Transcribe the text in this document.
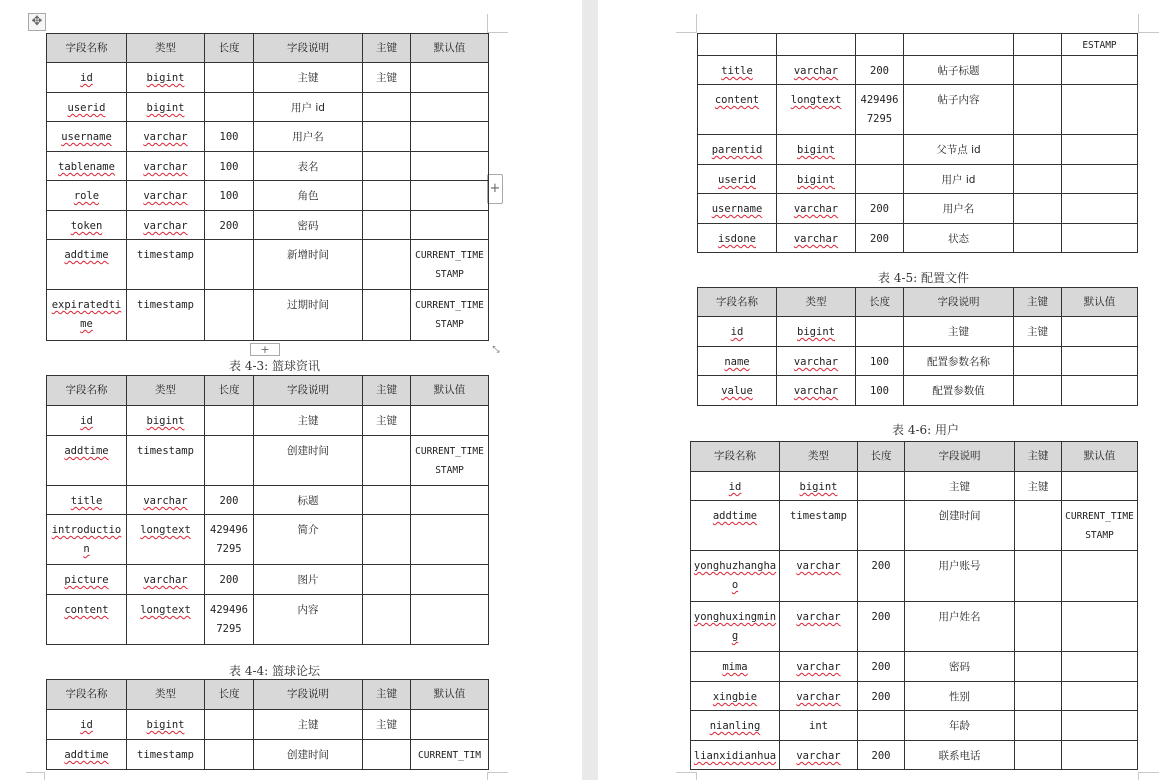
✥
+
+	⤡
字段名称	类型	长度	字段说明	主键	默认值
id	bigint		主键	主键	
userid	bigint		用户 id		
username	varchar	100	用户名		
tablename	varchar	100	表名		
role	varchar	100	角色		
token	varchar	200	密码		
addtime	timestamp		新增时间		CURRENT_TIMESTAMP
expiratedtime	timestamp		过期时间		CURRENT_TIMESTAMP
表 4-3: 篮球资讯
字段名称	类型	长度	字段说明	主键	默认值
id	bigint		主键	主键	
addtime	timestamp		创建时间		CURRENT_TIMESTAMP
title	varchar	200	标题		
introduction	longtext	4294967295	简介		
picture	varchar	200	图片		
content	longtext	4294967295	内容		
表 4-4: 篮球论坛
字段名称	类型	长度	字段说明	主键	默认值
id	bigint		主键	主键	
addtime	timestamp		创建时间		CURRENT_TIM
					ESTAMP
title	varchar	200	帖子标题		
content	longtext	4294967295	帖子内容		
parentid	bigint		父节点 id		
userid	bigint		用户 id		
username	varchar	200	用户名		
isdone	varchar	200	状态		
表 4-5: 配置文件
字段名称	类型	长度	字段说明	主键	默认值
id	bigint		主键	主键	
name	varchar	100	配置参数名称		
value	varchar	100	配置参数值		
表 4-6: 用户
字段名称	类型	长度	字段说明	主键	默认值
id	bigint		主键	主键	
addtime	timestamp		创建时间		CURRENT_TIMESTAMP
yonghuzhanghao	varchar	200	用户账号		
yonghuxingming	varchar	200	用户姓名		
mima	varchar	200	密码		
xingbie	varchar	200	性别		
nianling	int		年龄		
lianxidianhua	varchar	200	联系电话		
